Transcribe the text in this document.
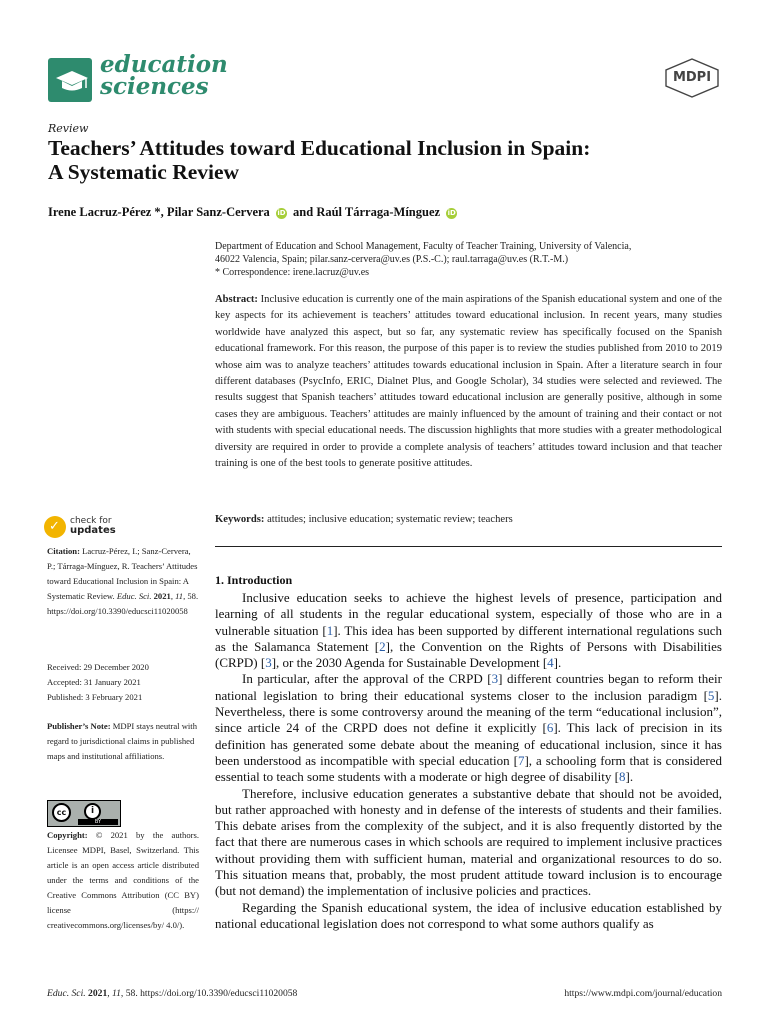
education
sciences	MDPI
Review
Teachers’ Attitudes toward Educational Inclusion in Spain:
A Systematic Review
Irene Lacruz-Pérez *, Pilar Sanz-Cervera iD and Raúl Tárraga-Mínguez iD
Department of Education and School Management, Faculty of Teacher Training, University of Valencia,
46022 Valencia, Spain; pilar.sanz-cervera@uv.es (P.S.-C.); raul.tarraga@uv.es (R.T.-M.)
* Correspondence: irene.lacruz@uv.es
Abstract: Inclusive education is currently one of the main aspirations of the Spanish educational system and one of the key aspects for its achievement is teachers’ attitudes toward educational inclusion. In recent years, many studies worldwide have analyzed this aspect, but so far, any systematic review has specifically focused on the Spanish educational framework. For this reason, the purpose of this paper is to review the studies published from 2010 to 2019 whose aim was to analyze teachers’ attitudes towards educational inclusion in Spain. After a literature search in four different databases (PsycInfo, ERIC, Dialnet Plus, and Google Scholar), 34 studies were selected and reviewed. The results suggest that Spanish teachers’ attitudes toward educational inclusion are generally positive, although in some cases they are ambiguous. Teachers’ attitudes are mainly influenced by the amount of training and their contact or not with students with special educational needs. The discussion highlights that more studies with a greater methodological diversity are required in order to provide a complete analysis of teachers’ attitudes toward inclusion and that teacher training is one of the best tools to generate positive attitudes.
Keywords: attitudes; inclusive education; systematic review; teachers
✓ check for
updates
Citation: Lacruz-Pérez, I.; Sanz-Cervera, P.; Tárraga-Mínguez, R. Teachers’ Attitudes toward Educational Inclusion in Spain: A Systematic Review. Educ. Sci. 2021, 11, 58. https://doi.org/10.3390/educsci11020058
Received: 29 December 2020
Accepted: 31 January 2021
Published: 3 February 2021
Publisher’s Note: MDPI stays neutral with regard to jurisdictional claims in published maps and institutional affiliations.
cc	i
BY
Copyright: © 2021 by the authors. Licensee MDPI, Basel, Switzerland. This article is an open access article distributed under the terms and conditions of the Creative Commons Attribution (CC BY) license (https:// creativecommons.org/licenses/by/ 4.0/).
1. Introduction

Inclusive education seeks to achieve the highest levels of presence, participation and learning of all students in the regular educational system, especially of those who are in a vulnerable situation [1]. This idea has been supported by different international regulations such as the Salamanca Statement [2], the Convention on the Rights of Persons with Disabilities (CRPD) [3], or the 2030 Agenda for Sustainable Development [4].

In particular, after the approval of the CRPD [3] different countries began to reform their national legislation to bring their educational systems closer to the inclusion paradigm [5]. Nevertheless, there is some controversy around the meaning of the term “educational inclusion”, since article 24 of the CRPD does not define it explicitly [6]. This lack of precision in its definition has generated some debate about the meaning of educational inclusion, since it has been understood as incompatible with special education [7], a schooling form that is considered essential to teach some students with a moderate or high degree of disability [8].

Therefore, inclusive education generates a substantive debate that should not be avoided, but rather approached with honesty and in defense of the interests of students and their families. This debate arises from the complexity of the subject, and it is also frequently distorted by the fact that there are numerous cases in which schools are required to implement inclusive practices without providing them with sufficient human, material and organizational resources to do so. This situation means that, probably, the most prudent attitude toward inclusion is to encourage (but not demand) the implementation of inclusive policies and practices.

Regarding the Spanish educational system, the idea of inclusive education established by national educational legislation does not correspond to what some authors qualify as

Educ. Sci. 2021, 11, 58. https://doi.org/10.3390/educsci11020058	https://www.mdpi.com/journal/education
